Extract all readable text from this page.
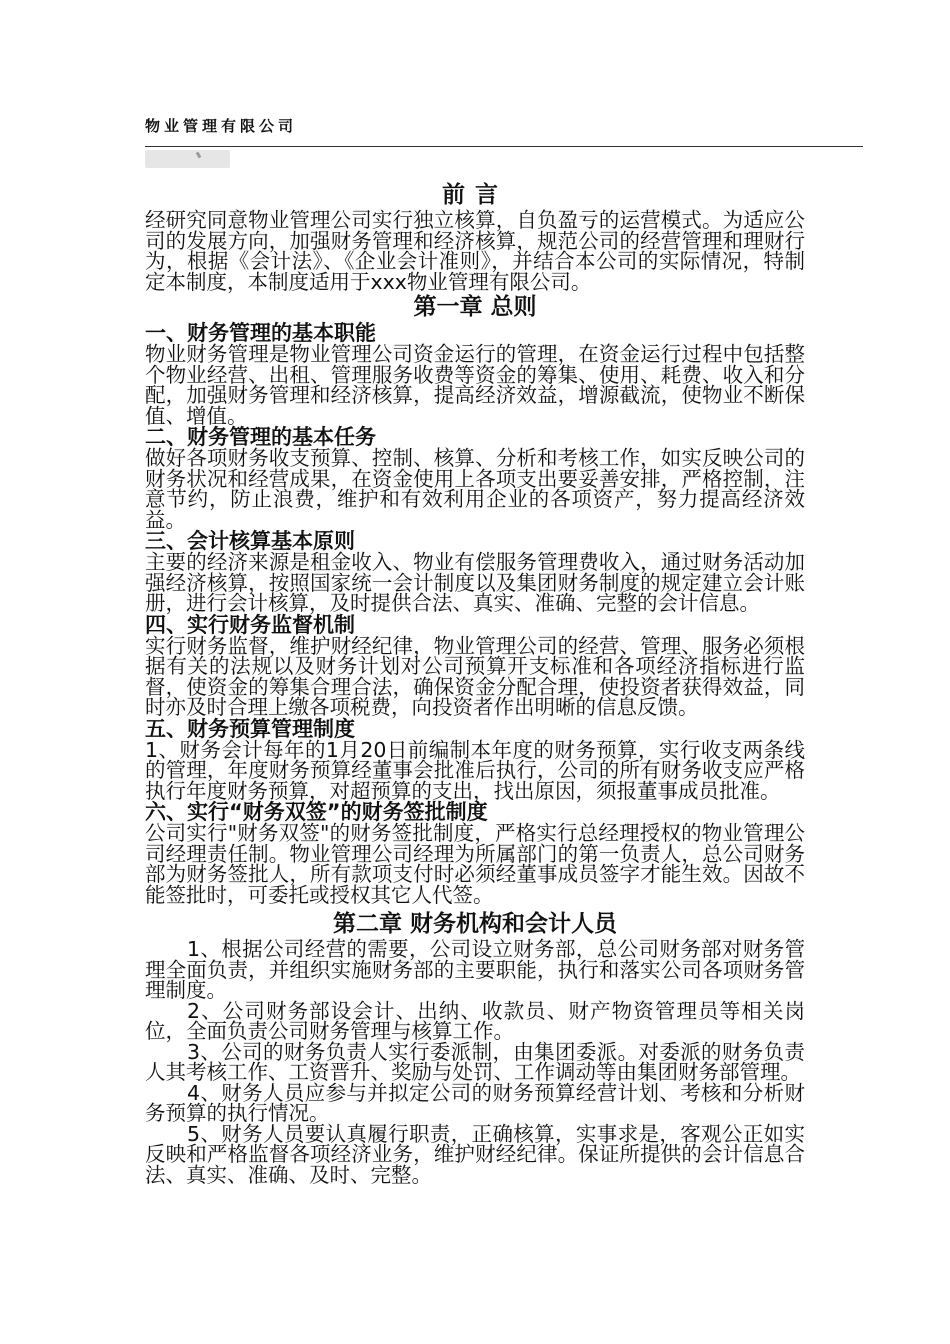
物业管理有限公司
前言

经研究同意物业管理公司实行独立核算，自负盈亏的运营模式。为适应公司的发展方向，加强财务管理和经济核算，规范公司的经营管理和理财行为，根据《会计法》、《企业会计准则》，并结合本公司的实际情况，特制定本制度，本制度适用于xxx物业管理有限公司。

第一章 总则
一、财务管理的基本职能

物业财务管理是物业管理公司资金运行的管理，在资金运行过程中包括整个物业经营、出租、管理服务收费等资金的筹集、使用、耗费、收入和分配，加强财务管理和经济核算，提高经济效益，增源截流，使物业不断保值、增值。

二、财务管理的基本任务

做好各项财务收支预算、控制、核算、分析和考核工作，如实反映公司的财务状况和经营成果，在资金使用上各项支出要妥善安排，严格控制，注意节约，防止浪费，维护和有效利用企业的各项资产，努力提高经济效益。

三、会计核算基本原则

主要的经济来源是租金收入、物业有偿服务管理费收入，通过财务活动加强经济核算，按照国家统一会计制度以及集团财务制度的规定建立会计账册，进行会计核算，及时提供合法、真实、准确、完整的会计信息。

四、实行财务监督机制

实行财务监督，维护财经纪律，物业管理公司的经营、管理、服务必须根据有关的法规以及财务计划对公司预算开支标准和各项经济指标进行监督，使资金的筹集合理合法，确保资金分配合理，使投资者获得效益，同时亦及时合理上缴各项税费，向投资者作出明晰的信息反馈。

五、财务预算管理制度

1、财务会计每年的1月20日前编制本年度的财务预算，实行收支两条线的管理，年度财务预算经董事会批准后执行，公司的所有财务收支应严格执行年度财务预算，对超预算的支出，找出原因，须报董事成员批准。

六、实行“财务双签”的财务签批制度

公司实行"财务双签"的财务签批制度，严格实行总经理授权的物业管理公司经理责任制。物业管理公司经理为所属部门的第一负责人，总公司财务部为财务签批人，所有款项支付时必须经董事成员签字才能生效。因故不能签批时，可委托或授权其它人代签。

第二章 财务机构和会计人员

1、根据公司经营的需要，公司设立财务部，总公司财务部对财务管理全面负责，并组织实施财务部的主要职能，执行和落实公司各项财务管理制度。

2、公司财务部设会计、出纳、收款员、财产物资管理员等相关岗位，全面负责公司财务管理与核算工作。

3、公司的财务负责人实行委派制，由集团委派。对委派的财务负责人其考核工作、工资晋升、奖励与处罚、工作调动等由集团财务部管理。

4、财务人员应参与并拟定公司的财务预算经营计划、考核和分析财务预算的执行情况。

5、财务人员要认真履行职责，正确核算，实事求是，客观公正如实反映和严格监督各项经济业务，维护财经纪律。保证所提供的会计信息合法、真实、准确、及时、完整。
